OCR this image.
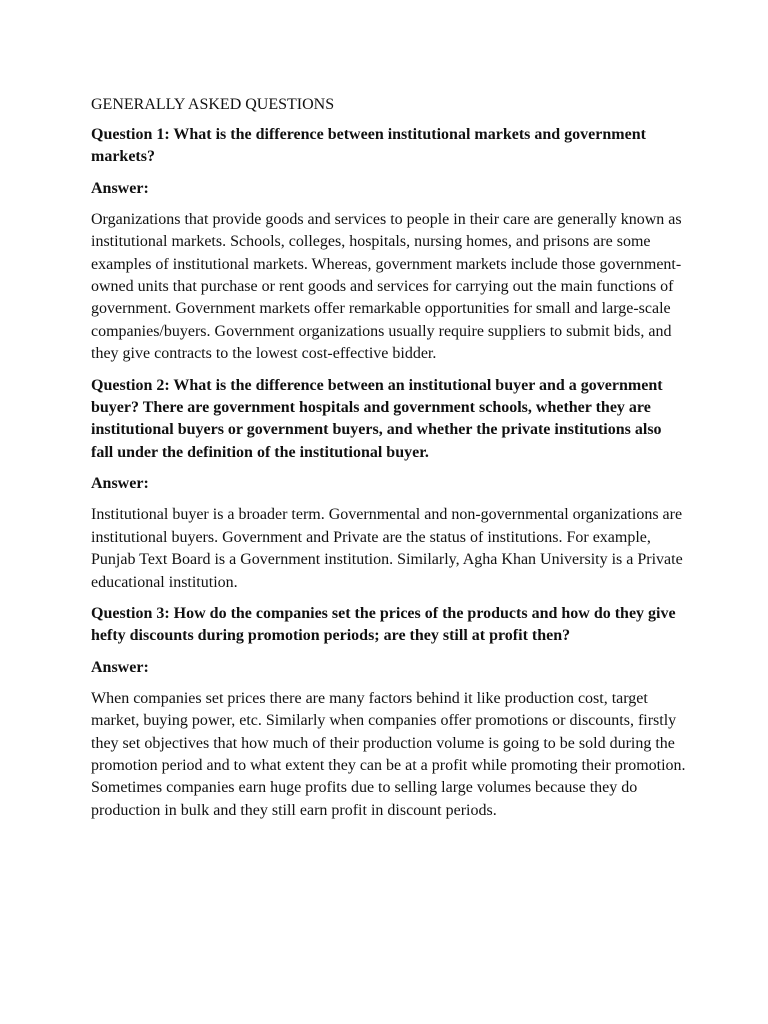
GENERALLY ASKED QUESTIONS

Question 1: What is the difference between institutional markets and government markets?

Answer:

Organizations that provide goods and services to people in their care are generally known as institutional markets. Schools, colleges, hospitals, nursing homes, and prisons are some examples of institutional markets. Whereas, government markets include those government-owned units that purchase or rent goods and services for carrying out the main functions of government. Government markets offer remarkable opportunities for small and large-scale companies/buyers. Government organizations usually require suppliers to submit bids, and they give contracts to the lowest cost-effective bidder.

Question 2: What is the difference between an institutional buyer and a government buyer? There are government hospitals and government schools, whether they are institutional buyers or government buyers, and whether the private institutions also fall under the definition of the institutional buyer.

Answer:

Institutional buyer is a broader term. Governmental and non-governmental organizations are institutional buyers. Government and Private are the status of institutions. For example, Punjab Text Board is a Government institution. Similarly, Agha Khan University is a Private educational institution.

Question 3: How do the companies set the prices of the products and how do they give hefty discounts during promotion periods; are they still at profit then?

Answer:

When companies set prices there are many factors behind it like production cost, target market, buying power, etc. Similarly when companies offer promotions or discounts, firstly they set objectives that how much of their production volume is going to be sold during the promotion period and to what extent they can be at a profit while promoting their promotion. Sometimes companies earn huge profits due to selling large volumes because they do production in bulk and they still earn profit in discount periods.
